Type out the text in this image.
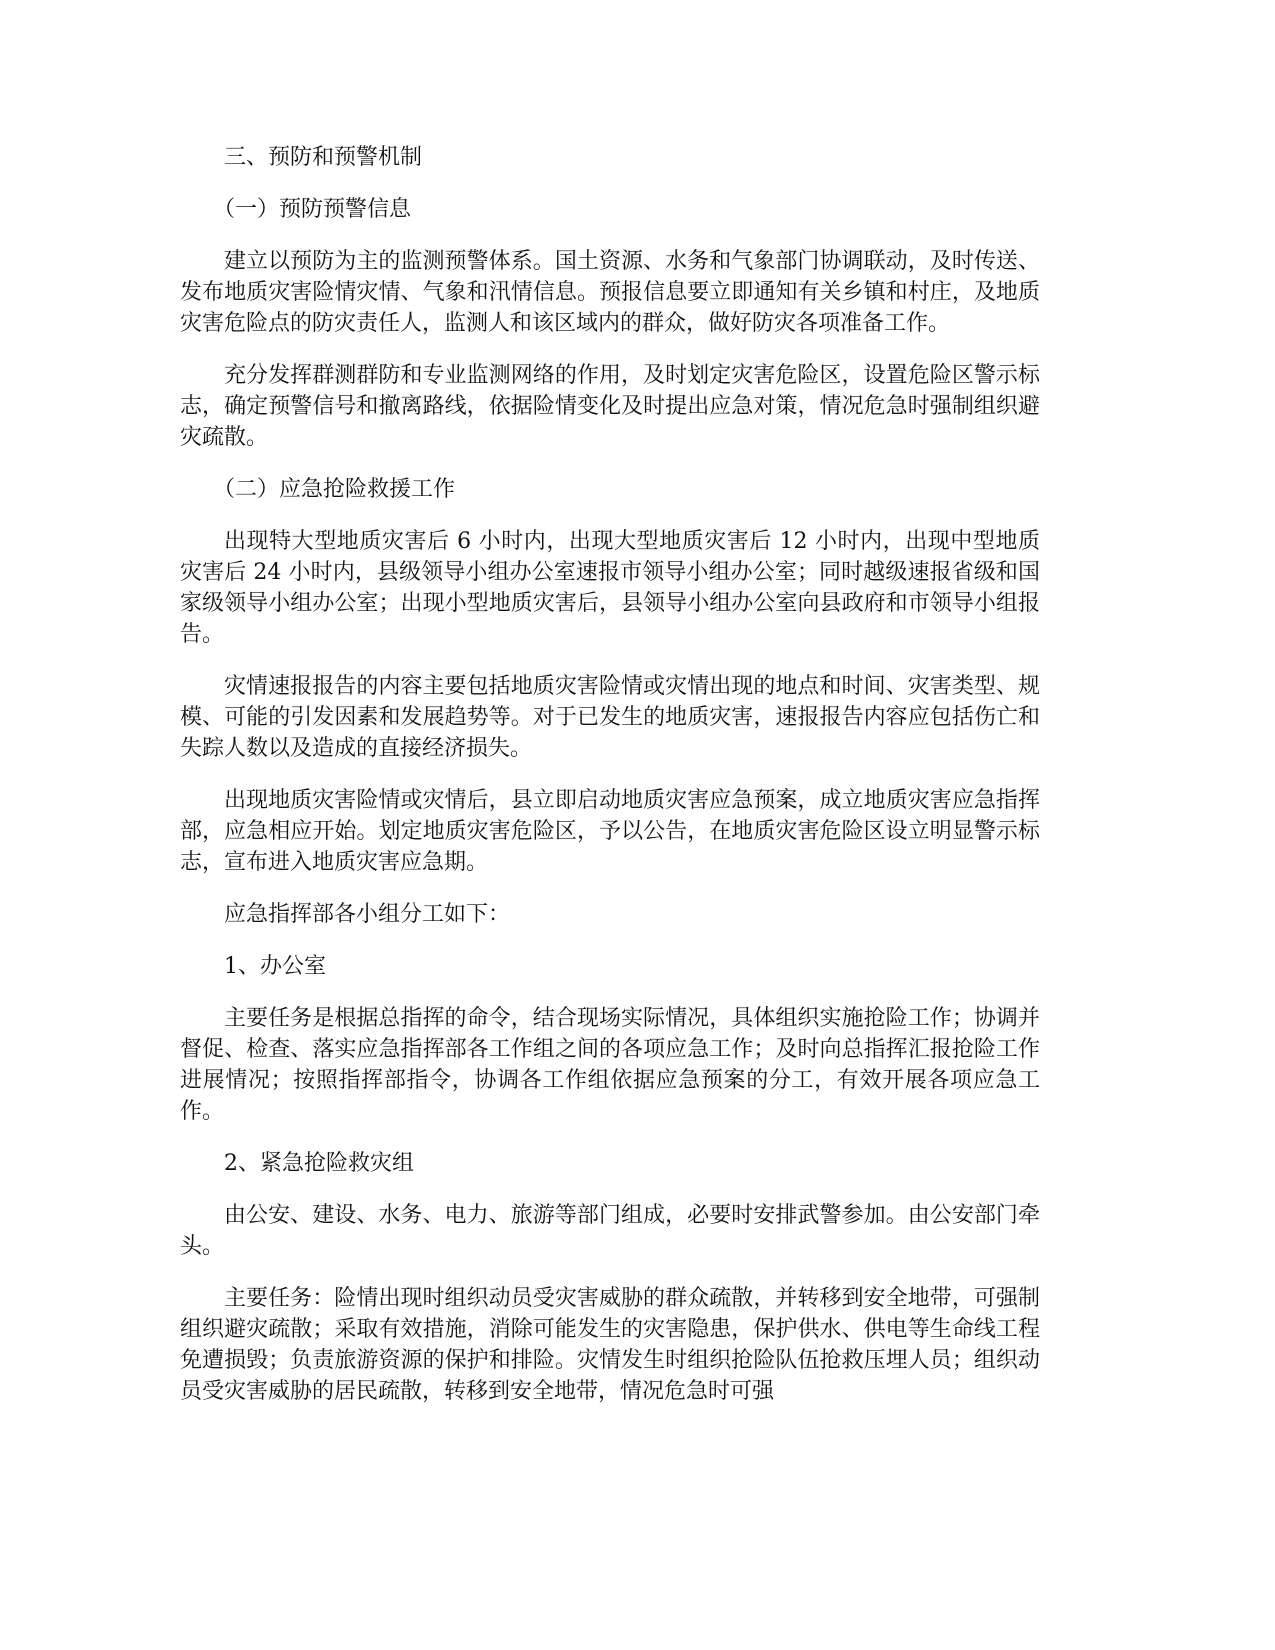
三、预防和预警机制

（一）预防预警信息

建立以预防为主的监测预警体系。国土资源、水务和气象部门协调联动，及时传送、发布地质灾害险情灾情、气象和汛情信息。预报信息要立即通知有关乡镇和村庄，及地质灾害危险点的防灾责任人，监测人和该区域内的群众，做好防灾各项准备工作。

充分发挥群测群防和专业监测网络的作用，及时划定灾害危险区，设置危险区警示标志，确定预警信号和撤离路线，依据险情变化及时提出应急对策，情况危急时强制组织避灾疏散。

（二）应急抢险救援工作

出现特大型地质灾害后 6 小时内，出现大型地质灾害后 12 小时内，出现中型地质灾害后 24 小时内，县级领导小组办公室速报市领导小组办公室；同时越级速报省级和国家级领导小组办公室；出现小型地质灾害后，县领导小组办公室向县政府和市领导小组报告。

灾情速报报告的内容主要包括地质灾害险情或灾情出现的地点和时间、灾害类型、规模、可能的引发因素和发展趋势等。对于已发生的地质灾害，速报报告内容应包括伤亡和失踪人数以及造成的直接经济损失。

出现地质灾害险情或灾情后，县立即启动地质灾害应急预案，成立地质灾害应急指挥部，应急相应开始。划定地质灾害危险区，予以公告，在地质灾害危险区设立明显警示标志，宣布进入地质灾害应急期。

应急指挥部各小组分工如下：

1、办公室

主要任务是根据总指挥的命令，结合现场实际情况，具体组织实施抢险工作；协调并督促、检查、落实应急指挥部各工作组之间的各项应急工作；及时向总指挥汇报抢险工作进展情况；按照指挥部指令，协调各工作组依据应急预案的分工，有效开展各项应急工作。

2、紧急抢险救灾组

由公安、建设、水务、电力、旅游等部门组成，必要时安排武警参加。由公安部门牵头。

主要任务：险情出现时组织动员受灾害威胁的群众疏散，并转移到安全地带，可强制组织避灾疏散；采取有效措施，消除可能发生的灾害隐患，保护供水、供电等生命线工程免遭损毁；负责旅游资源的保护和排险。灾情发生时组织抢险队伍抢救压埋人员；组织动员受灾害威胁的居民疏散，转移到安全地带，情况危急时可强
